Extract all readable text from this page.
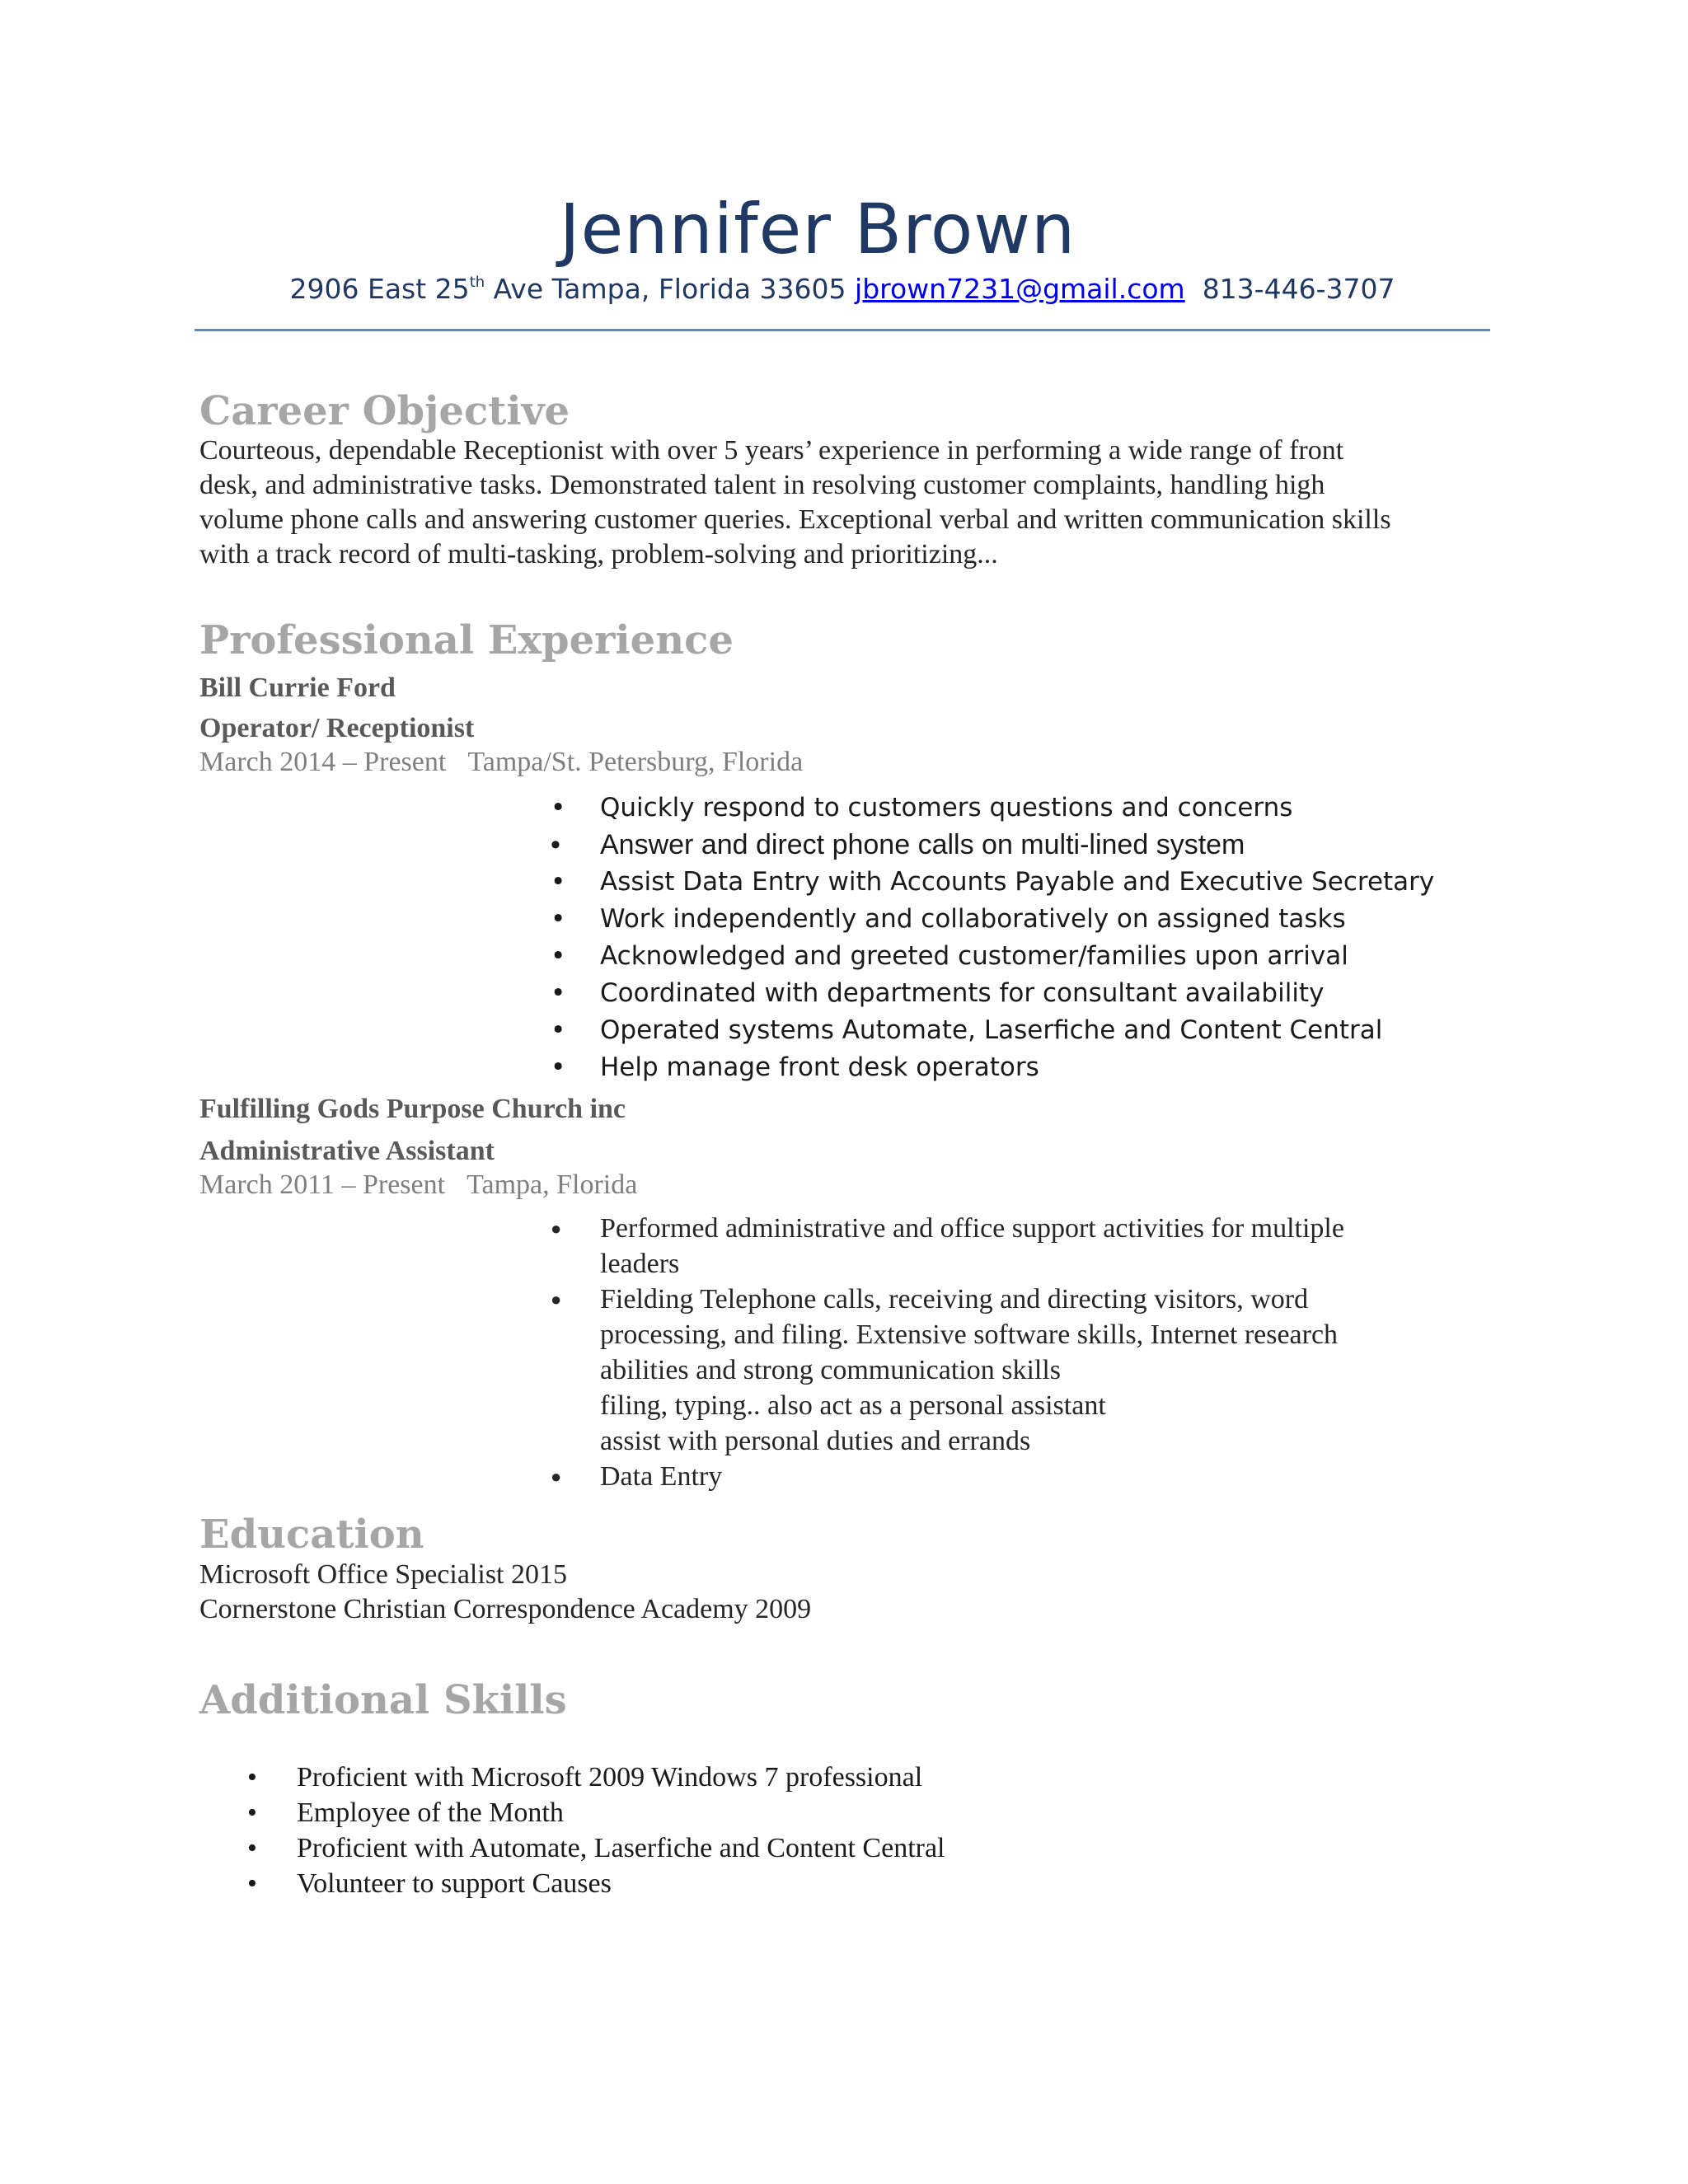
Jennifer Brown
2906 East 25th Ave Tampa, Florida 33605 jbrown7231@gmail.com 813-446-3707
Career Objective
Courteous, dependable Receptionist with over 5 years’ experience in performing a wide range of front
desk, and administrative tasks. Demonstrated talent in resolving customer complaints, handling high
volume phone calls and answering customer queries. Exceptional verbal and written communication skills
with a track record of multi-tasking, problem-solving and prioritizing...
Professional Experience
Bill Currie Ford
Operator/ Receptionist
March 2014 – Present Tampa/St. Petersburg, Florida
• Quickly respond to customers questions and concerns
• Answer and direct phone calls on multi-lined system
• Assist Data Entry with Accounts Payable and Executive Secretary
• Work independently and collaboratively on assigned tasks
• Acknowledged and greeted customer/families upon arrival
• Coordinated with departments for consultant availability
• Operated systems Automate, Laserfiche and Content Central
• Help manage front desk operators
Fulfilling Gods Purpose Church inc
Administrative Assistant
March 2011 – Present Tampa, Florida
● Performed administrative and office support activities for multiple
leaders
● Fielding Telephone calls, receiving and directing visitors, word
processing, and filing. Extensive software skills, Internet research
abilities and strong communication skills
filing, typing.. also act as a personal assistant
assist with personal duties and errands
● Data Entry
Education
Microsoft Office Specialist 2015
Cornerstone Christian Correspondence Academy 2009
Additional Skills
• Proficient with Microsoft 2009 Windows 7 professional
• Employee of the Month
• Proficient with Automate, Laserfiche and Content Central
• Volunteer to support Causes
